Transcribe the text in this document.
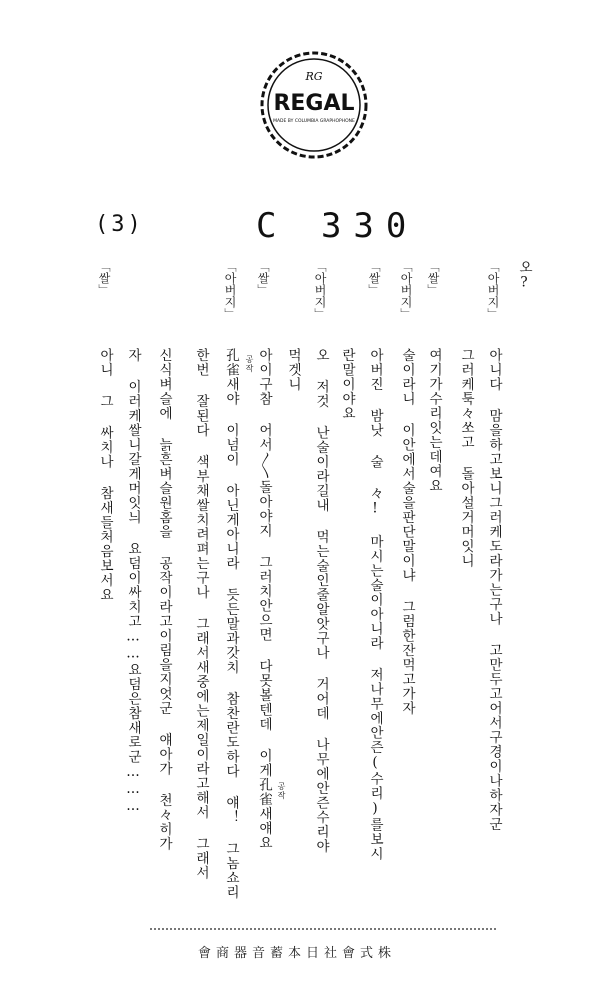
RG
REGAL
MADE BY COLUMBIA GRAPHOPHONE
(3)	C 330
「아버지」
「쌀」
「아버지」
「쌀」
「아버지」
「쌀」
「아버지」
「쌀」	오?
아니다 맘을하고보니그러케도라가는구나 고만두고어서구경이나하자군
그러케툭々쏘고 돌아설거머잇니
여기가수리잇는데여요
술이라니 이안에서술을판단말이냐 그럼한잔먹고가자
아버진 밤낫 술 々! 마시는술이아니라 저나무에안즌(수리)를보시
란말이야요
오 저것 난술이라길내 먹는술인줄알앗구나 거어데 나무에안즌수리야
먹겟니
아이구참 어서〳〵돌아야지 그러치안으면 다못볼텐데 이게孔雀새얘요
孔雀새야 이넘이 아닌게아니라 듯든말과갓치 참찬란도하다 얘！ 그놈쇼리
한번 잘된다 색부채쌀치려펴는구나 그래서새중에는제일이라고해서 그래서
신식벼슬에 늙흔벼슬원홈을 공작이라고이림을지엇군 얘아가 천々히가
자 이러케쌀니갈게머잇늬 요덤이싸치고……요덤은참새로군………
아니 그 싸치나 참새들처음보서요
공작
공작
會商器音蓄本日社會式株
